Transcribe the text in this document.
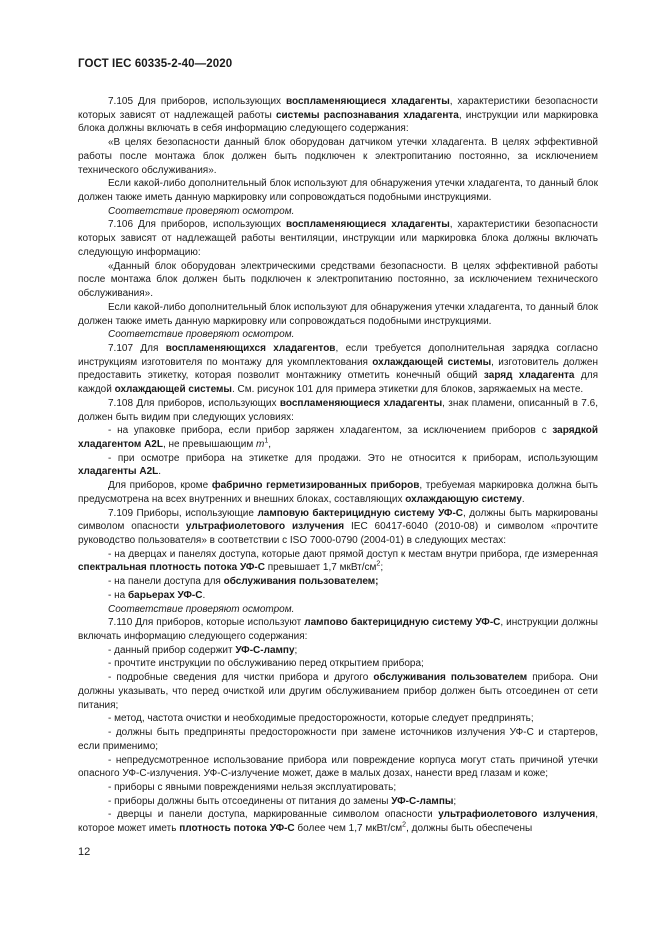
ГОСТ IEC 60335-2-40—2020

7.105 Для приборов, использующих воспламеняющиеся хладагенты, характеристики безопасности которых зависят от надлежащей работы системы распознавания хладагента, инструкции или маркировка блока должны включать в себя информацию следующего содержания:

«В целях безопасности данный блок оборудован датчиком утечки хладагента. В целях эффективной работы после монтажа блок должен быть подключен к электропитанию постоянно, за исключением технического обслуживания».

Если какой-либо дополнительный блок используют для обнаружения утечки хладагента, то данный блок должен также иметь данную маркировку или сопровождаться подобными инструкциями.

Соответствие проверяют осмотром.

7.106 Для приборов, использующих воспламеняющиеся хладагенты, характеристики безопасности которых зависят от надлежащей работы вентиляции, инструкции или маркировка блока должны включать следующую информацию:

«Данный блок оборудован электрическими средствами безопасности. В целях эффективной работы после монтажа блок должен быть подключен к электропитанию постоянно, за исключением технического обслуживания».

Если какой-либо дополнительный блок используют для обнаружения утечки хладагента, то данный блок должен также иметь данную маркировку или сопровождаться подобными инструкциями.

Соответствие проверяют осмотром.

7.107 Для воспламеняющихся хладагентов, если требуется дополнительная зарядка согласно инструкциям изготовителя по монтажу для укомплектования охлаждающей системы, изготовитель должен предоставить этикетку, которая позволит монтажнику отметить конечный общий заряд хладагента для каждой охлаждающей системы. См. рисунок 101 для примера этикетки для блоков, заряжаемых на месте.

7.108 Для приборов, использующих воспламеняющиеся хладагенты, знак пламени, описанный в 7.6, должен быть видим при следующих условиях:

- на упаковке прибора, если прибор заряжен хладагентом, за исключением приборов с зарядкой хладагентом A2L, не превышающим $m^1$,

- при осмотре прибора на этикетке для продажи. Это не относится к приборам, использующим хладагенты A2L.

Для приборов, кроме фабрично герметизированных приборов, требуемая маркировка должна быть предусмотрена на всех внутренних и внешних блоках, составляющих охлаждающую систему.

7.109 Приборы, использующие ламповую бактерицидную систему УФ-С, должны быть маркированы символом опасности ультрафиолетового излучения IEC 60417-6040 (2010-08) и символом «прочтите руководство пользователя» в соответствии с ISO 7000-0790 (2004-01) в следующих местах:

- на дверцах и панелях доступа, которые дают прямой доступ к местам внутри прибора, где измеренная спектральная плотность потока УФ-С превышает 1,7 мкВт/$см^2$;

- на панели доступа для обслуживания пользователем;

- на барьерах УФ-С.

Соответствие проверяют осмотром.

7.110 Для приборов, которые используют лампово бактерицидную систему УФ-С, инструкции должны включать информацию следующего содержания:

- данный прибор содержит УФ-С-лампу;

- прочтите инструкции по обслуживанию перед открытием прибора;

- подробные сведения для чистки прибора и другого обслуживания пользователем прибора. Они должны указывать, что перед очисткой или другим обслуживанием прибор должен быть отсоединен от сети питания;

- метод, частота очистки и необходимые предосторожности, которые следует предпринять;

- должны быть предприняты предосторожности при замене источников излучения УФ-С и стартеров, если применимо;

- непредусмотренное использование прибора или повреждение корпуса могут стать причиной утечки опасного УФ-С-излучения. УФ-С-излучение может, даже в малых дозах, нанести вред глазам и коже;

- приборы с явными повреждениями нельзя эксплуатировать;

- приборы должны быть отсоединены от питания до замены УФ-С-лампы;

- дверцы и панели доступа, маркированные символом опасности ультрафиолетового излучения, которое может иметь плотность потока УФ-С более чем 1,7 мкВт/$см^2$, должны быть обеспечены

12
